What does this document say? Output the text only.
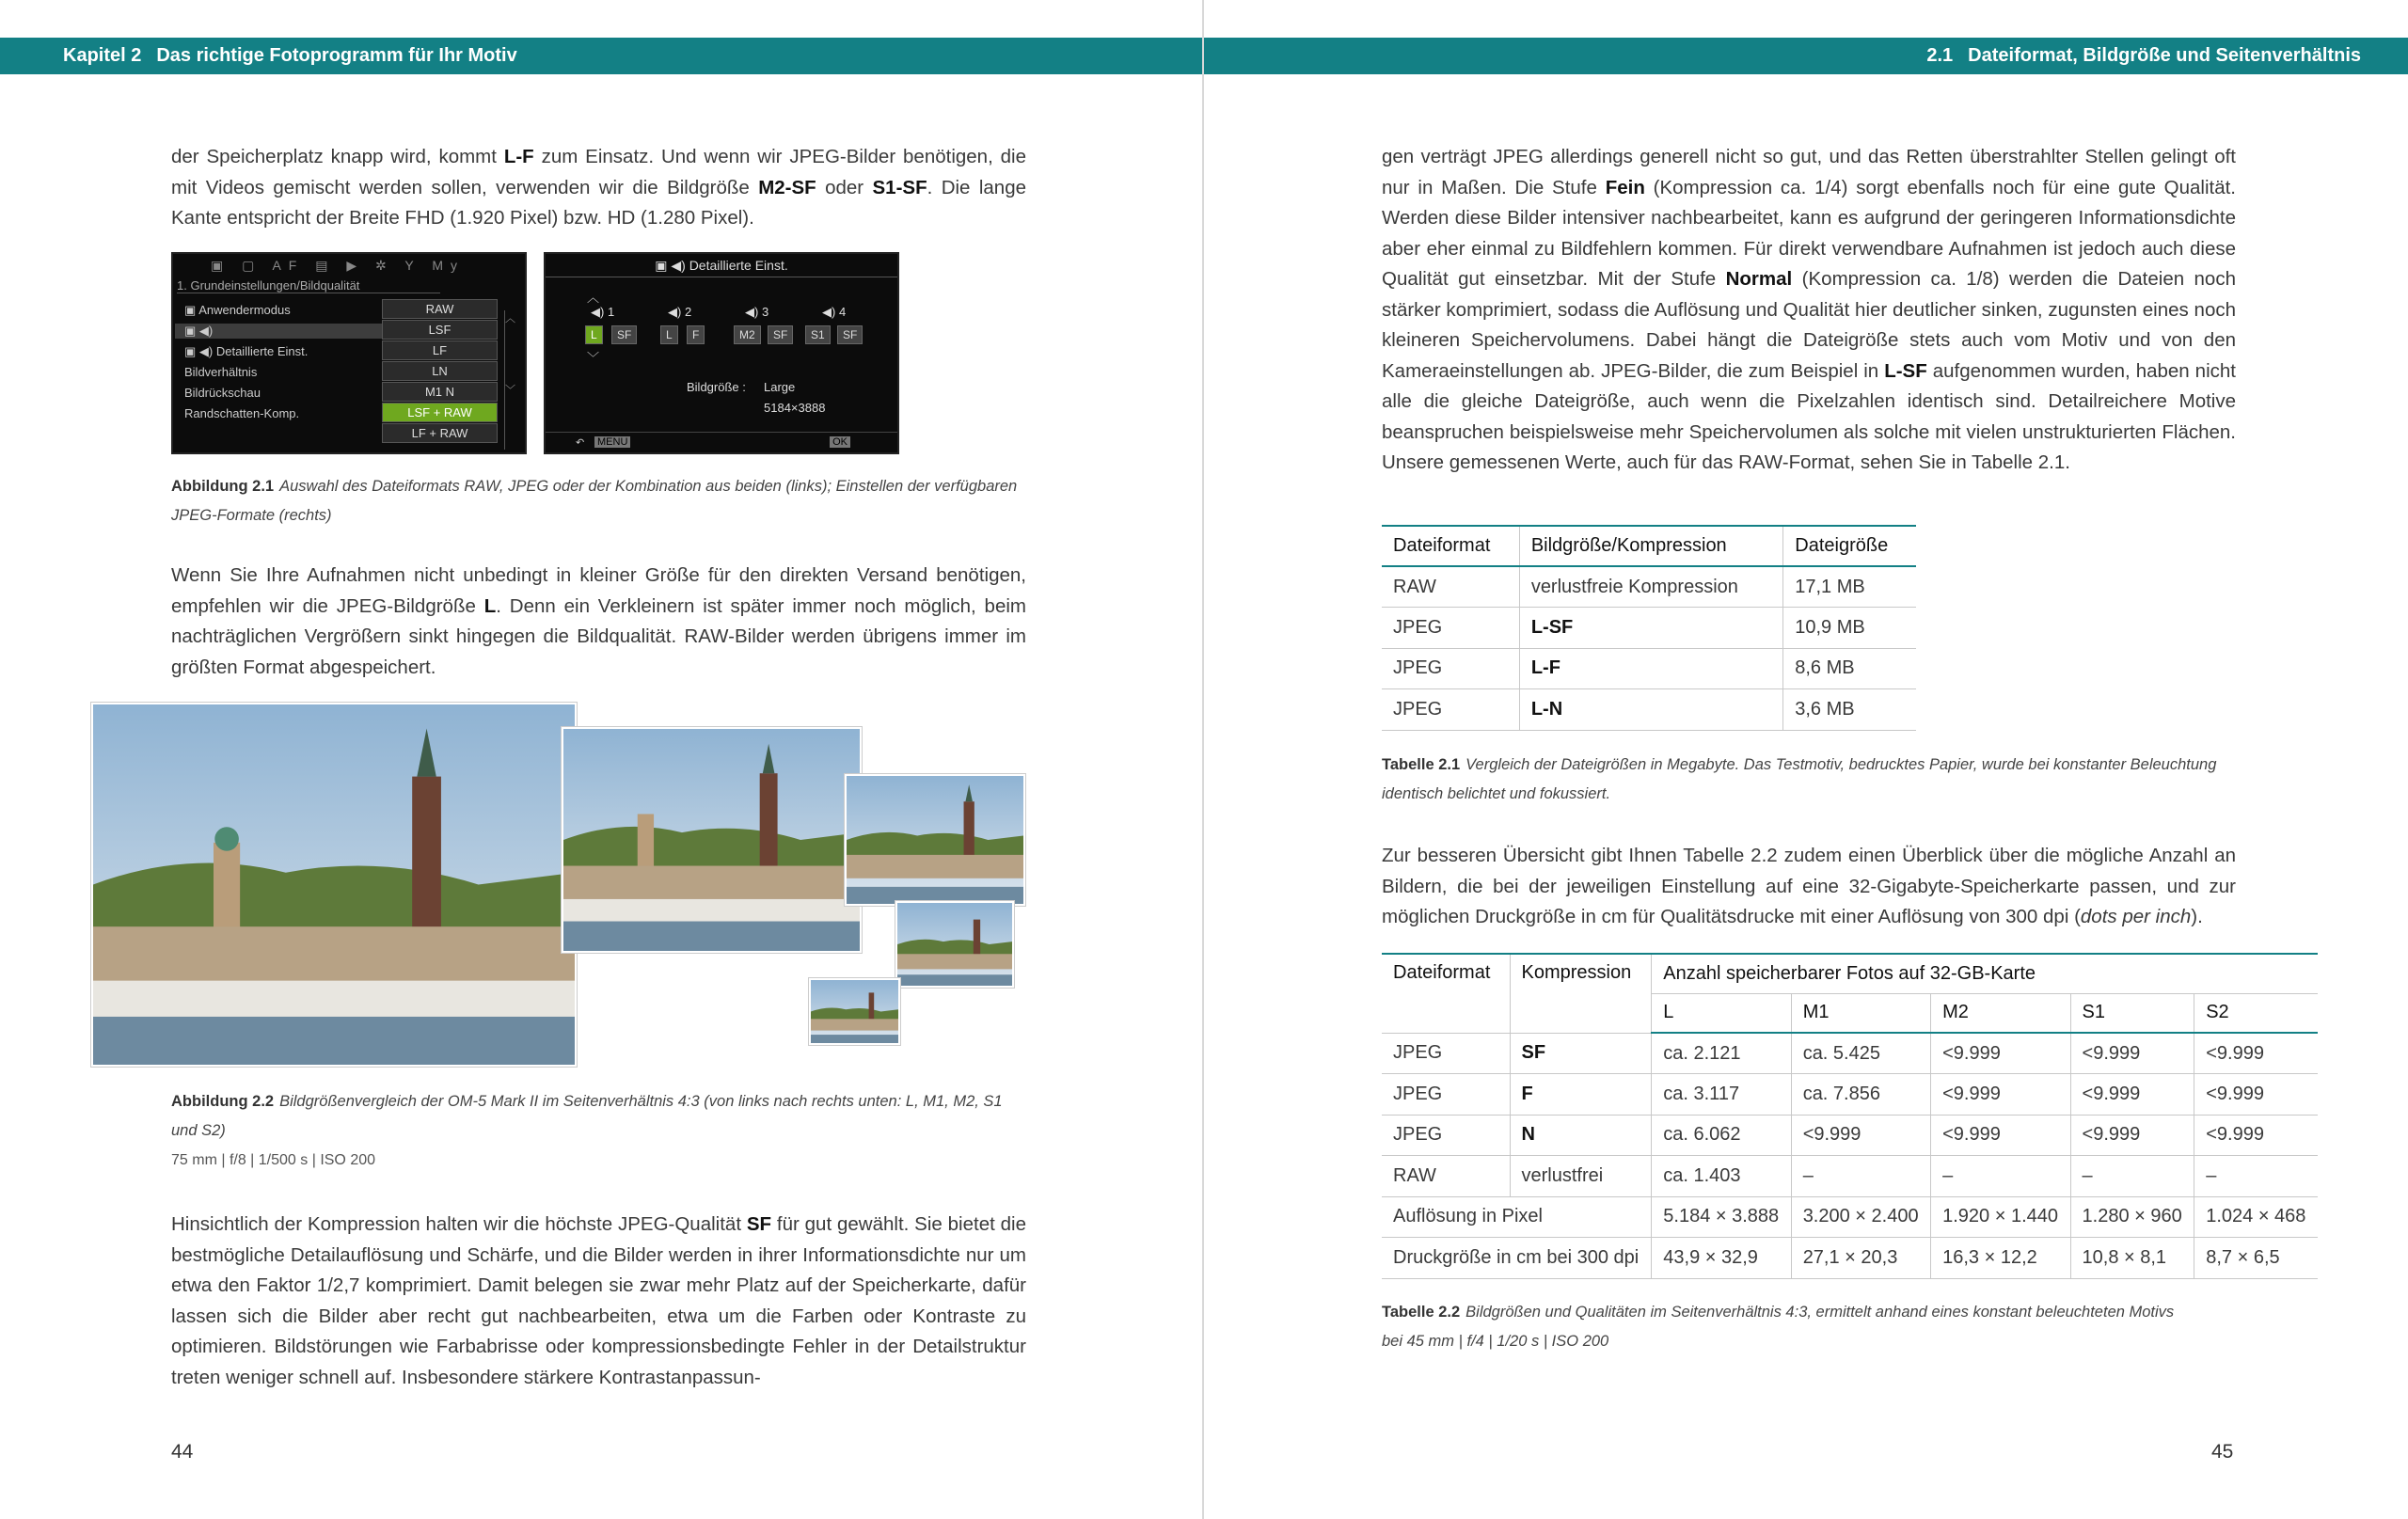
Kapitel 2 Das richtige Fotoprogramm für Ihr Motiv
der Speicherplatz knapp wird, kommt L-F zum Einsatz. Und wenn wir JPEG-Bilder benötigen, die mit Videos gemischt werden sollen, verwenden wir die Bildgröße M2-SF oder S1-SF. Die lange Kante entspricht der Breite FHD (1.920 Pixel) bzw. HD (1.280 Pixel).
▣ ▢ AF ▤ ▶ ✲ Y My
1. Grundeinstellungen/Bildqualität
▣ Anwendermodus
▣ ◀)
▣ ◀) Detaillierte Einst.
Bildverhältnis
Bildrückschau
Randschatten-Komp.
RAW
LSF
LF
LN
M1 N
LSF + RAW
LF + RAW
︿

﹀
▣ ◀) Detaillierte Einst.
◀) 1	◀) 2	◀) 3	◀) 4
︿
﹀
L	SF	L	F	M2	SF	S1	SF
Bildgröße : Large
5184×3888
↶ MENU	OK
Abbildung 2.1 Auswahl des Dateiformats RAW, JPEG oder der Kombination aus beiden (links); Einstellen der verfügbaren JPEG-Formate (rechts)
Wenn Sie Ihre Aufnahmen nicht unbedingt in kleiner Größe für den direkten Versand benötigen, empfehlen wir die JPEG-Bildgröße L. Denn ein Verkleinern ist später immer noch möglich, beim nachträglichen Vergrößern sinkt hingegen die Bildqualität. RAW-Bilder werden übrigens immer im größten Format abgespeichert.
Abbildung 2.2 Bildgrößenvergleich der OM-5 Mark II im Seitenverhältnis 4:3 (von links nach rechts unten: L, M1, M2, S1 und S2)
75 mm | f/8 | 1/500 s | ISO 200
Hinsichtlich der Kompression halten wir die höchste JPEG-Qualität SF für gut gewählt. Sie bietet die bestmögliche Detailauflösung und Schärfe, und die Bilder werden in ihrer Informationsdichte nur um etwa den Faktor 1/2,7 komprimiert. Damit belegen sie zwar mehr Platz auf der Speicherkarte, dafür lassen sich die Bilder aber recht gut nachbearbeiten, etwa um die Farben oder Kontraste zu optimieren. Bildstörungen wie Farbabrisse oder kompressionsbedingte Fehler in der Detailstruktur treten weniger schnell auf. Insbesondere stärkere Kontrastanpassun-
44
2.1 Dateiformat, Bildgröße und Seitenverhältnis
gen verträgt JPEG allerdings generell nicht so gut, und das Retten überstrahlter Stellen gelingt oft nur in Maßen. Die Stufe Fein (Kompression ca. 1/4) sorgt ebenfalls noch für eine gute Qualität. Werden diese Bilder intensiver nachbearbeitet, kann es aufgrund der geringeren Informationsdichte aber eher einmal zu Bildfehlern kommen. Für direkt verwendbare Aufnahmen ist jedoch auch diese Qualität gut einsetzbar. Mit der Stufe Normal (Kompression ca. 1/8) werden die Dateien noch stärker komprimiert, sodass die Auflösung und Qualität hier deutlicher sinken, zugunsten eines noch kleineren Speichervolumens. Dabei hängt die Dateigröße stets auch vom Motiv und von den Kameraeinstellungen ab. JPEG-Bilder, die zum Beispiel in L-SF aufgenommen wurden, haben nicht alle die gleiche Dateigröße, auch wenn die Pixelzahlen identisch sind. Detailreichere Motive beanspruchen beispielsweise mehr Speichervolumen als solche mit vielen unstrukturierten Flächen. Unsere gemessenen Werte, auch für das RAW-Format, sehen Sie in Tabelle 2.1.
Dateiformat	Bildgröße/Kompression	Dateigröße
RAW	verlustfreie Kompression	17,1 MB
JPEG	L-SF	10,9 MB
JPEG	L-F	8,6 MB
JPEG	L-N	3,6 MB
Tabelle 2.1 Vergleich der Dateigrößen in Megabyte. Das Testmotiv, bedrucktes Papier, wurde bei konstanter Beleuchtung identisch belichtet und fokussiert.
Zur besseren Übersicht gibt Ihnen Tabelle 2.2 zudem einen Überblick über die mögliche Anzahl an Bildern, die bei der jeweiligen Einstellung auf eine 32-Gigabyte-Speicherkarte passen, und zur möglichen Druckgröße in cm für Qualitätsdrucke mit einer Auflösung von 300 dpi (dots per inch).
Dateiformat	Kompression	Anzahl speicherbarer Fotos auf 32-GB-Karte				
		L	M1	M2	S1	S2
JPEG	SF	ca. 2.121	ca. 5.425	<9.999	<9.999	<9.999
JPEG	F	ca. 3.117	ca. 7.856	<9.999	<9.999	<9.999
JPEG	N	ca. 6.062	<9.999	<9.999	<9.999	<9.999
RAW	verlustfrei	ca. 1.403	–	–	–	–
Auflösung in Pixel		5.184 × 3.888	3.200 × 2.400	1.920 × 1.440	1.280 × 960	1.024 × 468
Druckgröße in cm bei 300 dpi		43,9 × 32,9	27,1 × 20,3	16,3 × 12,2	10,8 × 8,1	8,7 × 6,5
Tabelle 2.2 Bildgrößen und Qualitäten im Seitenverhältnis 4:3, ermittelt anhand eines konstant beleuchteten Motivs
bei 45 mm | f/4 | 1/20 s | ISO 200
45
